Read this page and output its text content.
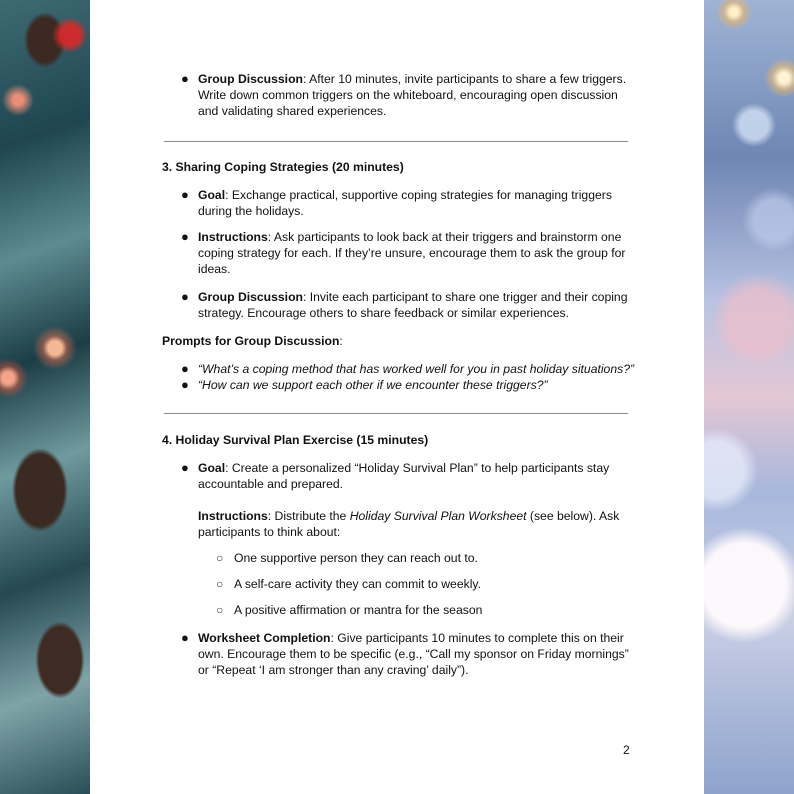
● Group Discussion: After 10 minutes, invite participants to share a few triggers.
Write down common triggers on the whiteboard, encouraging open discussion
and validating shared experiences.
3. Sharing Coping Strategies (20 minutes)
● Goal: Exchange practical, supportive coping strategies for managing triggers
during the holidays.
● Instructions: Ask participants to look back at their triggers and brainstorm one
coping strategy for each. If they’re unsure, encourage them to ask the group for
ideas.
● Group Discussion: Invite each participant to share one trigger and their coping
strategy. Encourage others to share feedback or similar experiences.
Prompts for Group Discussion:
● “What’s a coping method that has worked well for you in past holiday situations?”
● “How can we support each other if we encounter these triggers?”
4. Holiday Survival Plan Exercise (15 minutes)
● Goal: Create a personalized “Holiday Survival Plan” to help participants stay
accountable and prepared.
Instructions: Distribute the Holiday Survival Plan Worksheet (see below). Ask
participants to think about:
○ One supportive person they can reach out to.
○ A self-care activity they can commit to weekly.
○ A positive affirmation or mantra for the season
● Worksheet Completion: Give participants 10 minutes to complete this on their
own. Encourage them to be specific (e.g., “Call my sponsor on Friday mornings”
or “Repeat ‘I am stronger than any craving’ daily”).
2
